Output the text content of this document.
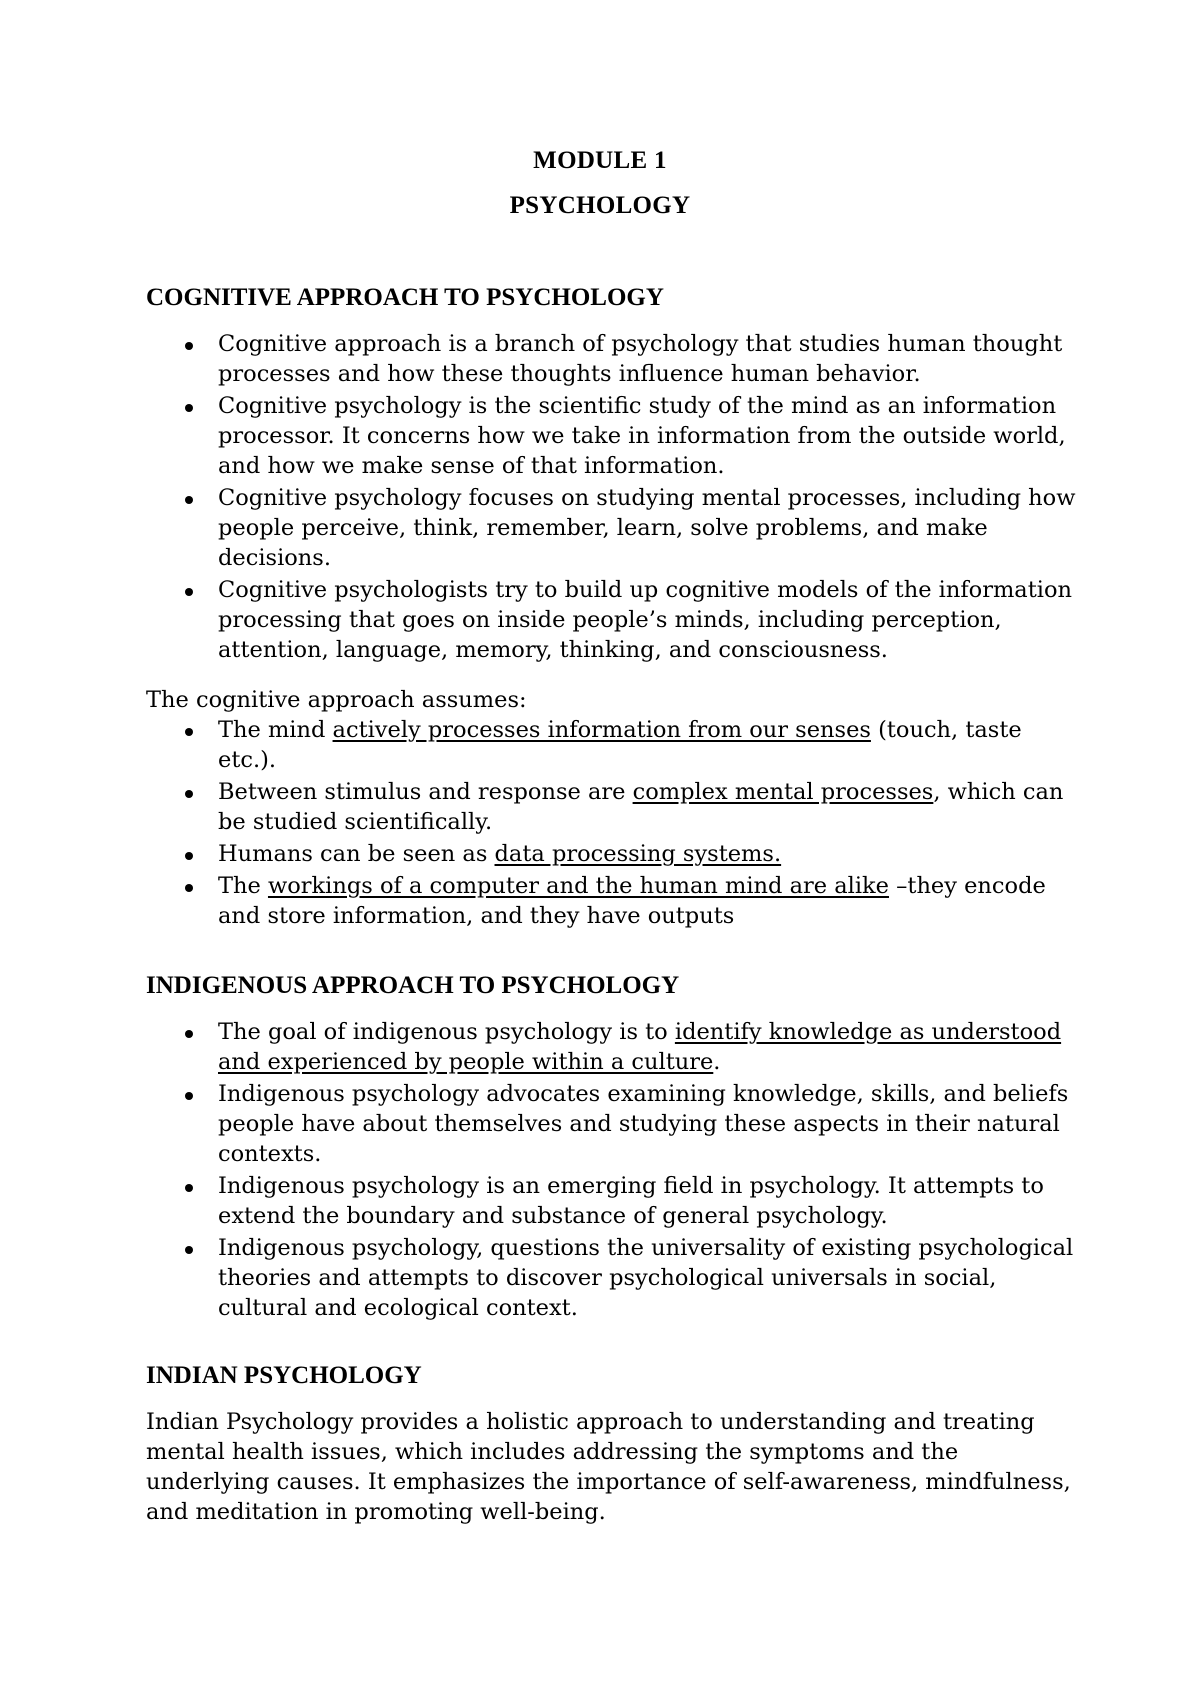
MODULE 1
PSYCHOLOGY
COGNITIVE APPROACH TO PSYCHOLOGY
Cognitive approach is a branch of psychology that studies human thought processes and how these thoughts influence human behavior.
Cognitive psychology is the scientific study of the mind as an information processor. It concerns how we take in information from the outside world, and how we make sense of that information.
Cognitive psychology focuses on studying mental processes, including how people perceive, think, remember, learn, solve problems, and make decisions.
Cognitive psychologists try to build up cognitive models of the information processing that goes on inside people’s minds, including perception, attention, language, memory, thinking, and consciousness.

The cognitive approach assumes:

The mind actively processes information from our senses (touch, taste etc.).
Between stimulus and response are complex mental processes, which can be studied scientifically.
Humans can be seen as data processing systems.
The workings of a computer and the human mind are alike –they encode and store information, and they have outputs
INDIGENOUS APPROACH TO PSYCHOLOGY
The goal of indigenous psychology is to identify knowledge as understood and experienced by people within a culture.
Indigenous psychology advocates examining knowledge, skills, and beliefs people have about themselves and studying these aspects in their natural contexts.
Indigenous psychology is an emerging field in psychology. It attempts to extend the boundary and substance of general psychology.
Indigenous psychology, questions the universality of existing psychological theories and attempts to discover psychological universals in social, cultural and ecological context.
INDIAN PSYCHOLOGY

Indian Psychology provides a holistic approach to understanding and treating mental health issues, which includes addressing the symptoms and the underlying causes. It emphasizes the importance of self-awareness, mindfulness, and meditation in promoting well-being.
